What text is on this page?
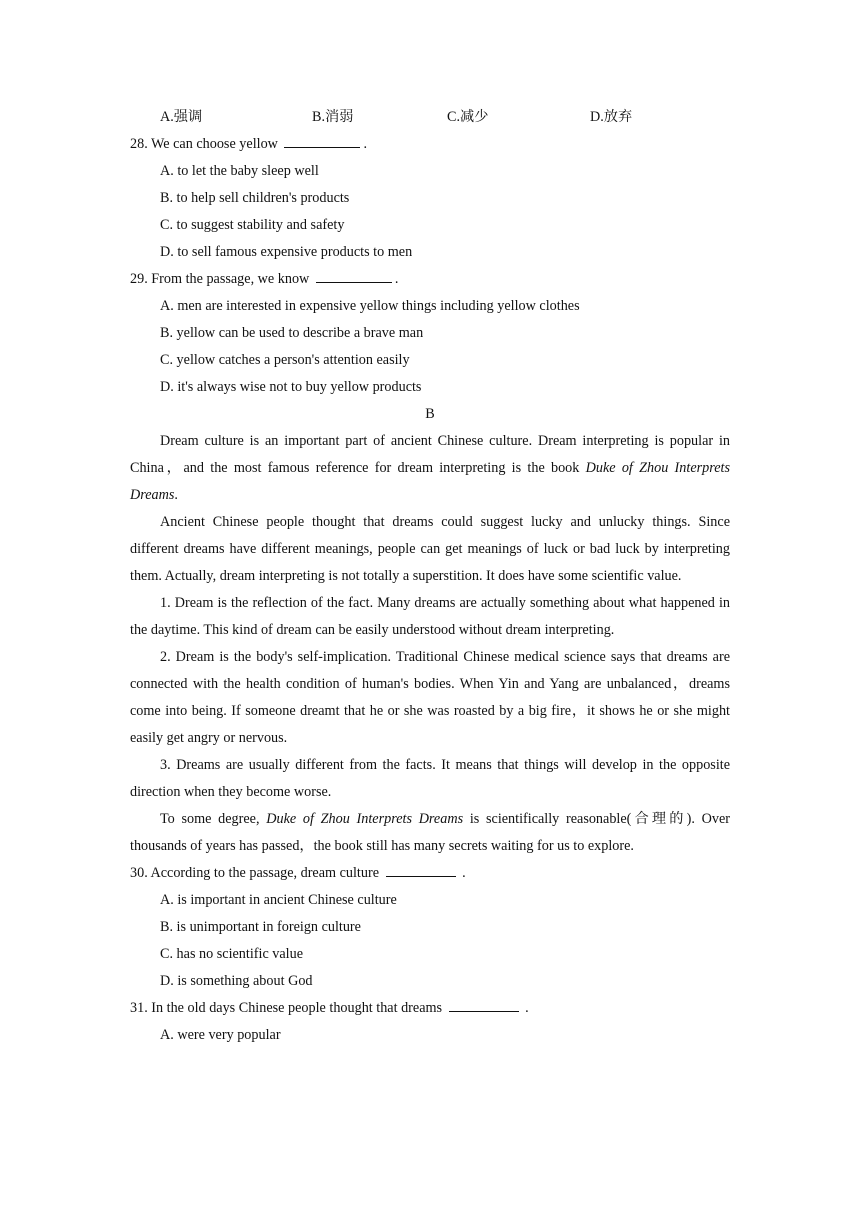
A.强调	B.消弱	C.减少	D.放弃
28. We can choose yellow	.
A. to let the baby sleep well
B. to help sell children's products
C. to suggest stability and safety
D. to sell famous expensive products to men
29. From the passage, we know	.
A. men are interested in expensive yellow things including yellow clothes
B. yellow can be used to describe a brave man
C. yellow catches a person's attention easily
D. it's always wise not to buy yellow products
B

Dream culture is an important part of ancient Chinese culture. Dream interpreting is popular in China，and the most famous reference for dream interpreting is the book Duke of Zhou Interprets Dreams.

Ancient Chinese people thought that dreams could suggest lucky and unlucky things. Since different dreams have different meanings, people can get meanings of luck or bad luck by interpreting them. Actually, dream interpreting is not totally a superstition. It does have some scientific value.

1. Dream is the reflection of the fact. Many dreams are actually something about what happened in the daytime. This kind of dream can be easily understood without dream interpreting.

2. Dream is the body's self-implication. Traditional Chinese medical science says that dreams are connected with the health condition of human's bodies. When Yin and Yang are unbalanced，dreams come into being. If someone dreamt that he or she was roasted by a big fire，it shows he or she might easily get angry or nervous.

3. Dreams are usually different from the facts. It means that things will develop in the opposite direction when they become worse.

To some degree, Duke of Zhou Interprets Dreams is scientifically reasonable(合理的). Over thousands of years has passed，the book still has many secrets waiting for us to explore.

30. According to the passage, dream culture	.
A. is important in ancient Chinese culture
B. is unimportant in foreign culture
C. has no scientific value
D. is something about God
31. In the old days Chinese people thought that dreams	.
A. were very popular
